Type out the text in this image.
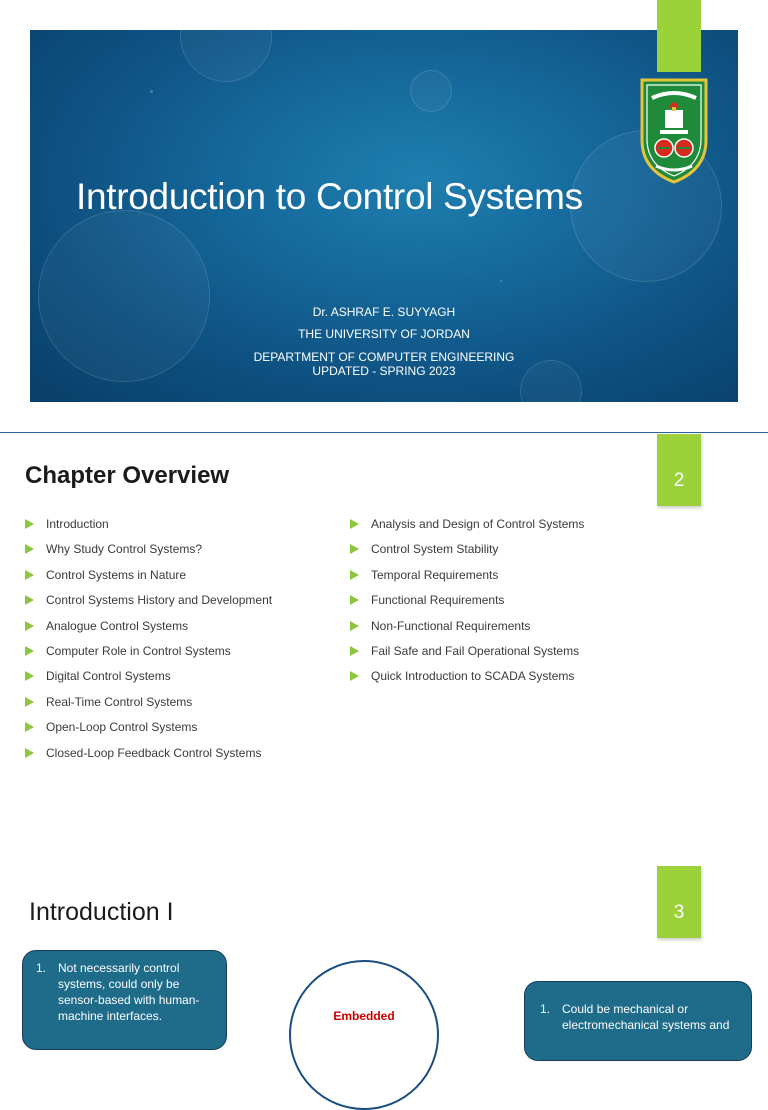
Introduction to Control Systems
Dr. ASHRAF E. SUYYAGH
THE UNIVERSITY OF JORDAN
DEPARTMENT OF COMPUTER ENGINEERING
UPDATED - SPRING 2023
Chapter Overview	2
Introduction
Why Study Control Systems?
Control Systems in Nature
Control Systems History and Development
Analogue Control Systems
Computer Role in Control Systems
Digital Control Systems
Real-Time Control Systems
Open-Loop Control Systems
Closed-Loop Feedback Control Systems
Analysis and Design of Control Systems
Control System Stability
Temporal Requirements
Functional Requirements
Non-Functional Requirements
Fail Safe and Fail Operational Systems
Quick Introduction to SCADA Systems
Introduction I	3
1. Not necessarily control
systems, could only be
sensor-based with human-
machine interfaces.	Embedded	1. Could be mechanical or
electromechanical systems and
